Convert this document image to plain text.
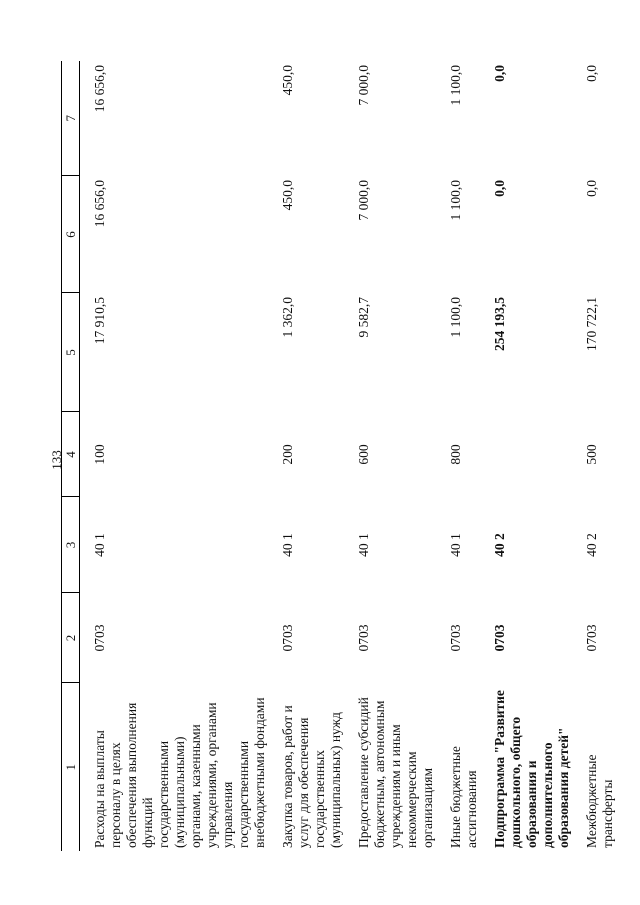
133
1	2	3	4	5	6	7
Расходы на выплаты персоналу в целях обеспечения выполнения функций государственными (муниципальными) органами, казенными учреждениями, органами управления государственными внебюджетными фондами	0703	40 1	100	17 910,5	16 656,0	16 656,0
Закупка товаров, работ и услуг для обеспечения государственных (муниципальных) нужд	0703	40 1	200	1 362,0	450,0	450,0
Предоставление субсидий бюджетным, автономным учреждениям и иным некоммерческим организациям	0703	40 1	600	9 582,7	7 000,0	7 000,0
Иные бюджетные ассигнования	0703	40 1	800	1 100,0	1 100,0	1 100,0
Подпрограмма "Развитие дошкольного, общего образования и дополнительного образования детей"	0703	40 2		254 193,5	0,0	0,0
Межбюджетные трансферты	0703	40 2	500	170 722,1	0,0	0,0
